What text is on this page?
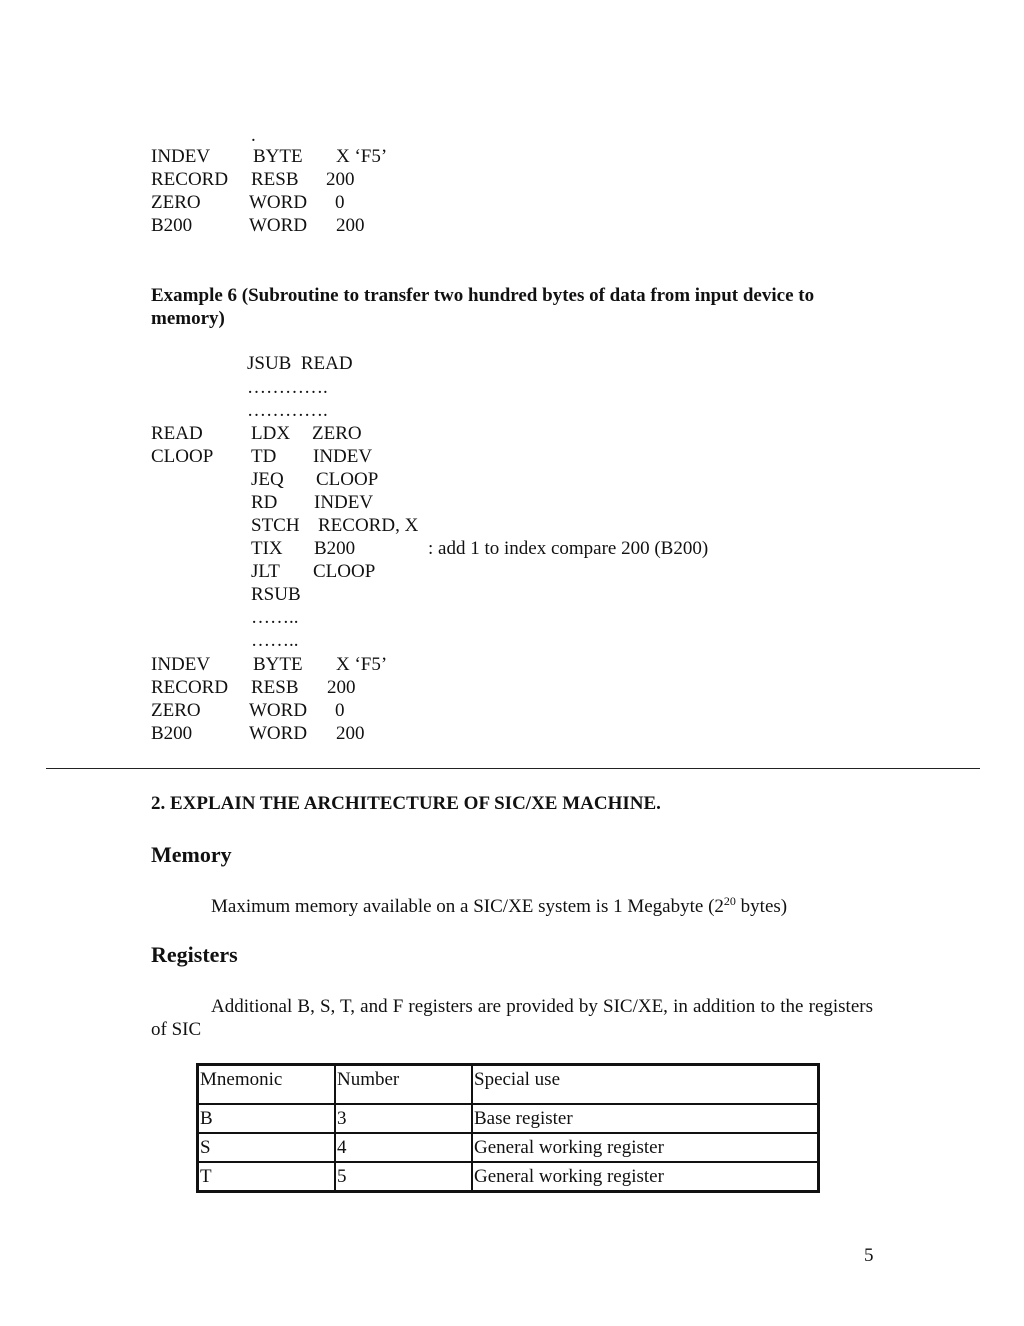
.
INDEV BYTE X ‘F5’
RECORD RESB 200
ZERO	WORD 0
B200	WORD 200
Example 6 (Subroutine to transfer two hundred bytes of data from input device to
memory)
JSUB  READ
………….
………….
READ	LDX ZERO
CLOOP TD INDEV
JEQ CLOOP
RD INDEV
STCH RECORD, X
TIX B200	: add 1 to index compare 200 (B200)
JLT CLOOP
RSUB
……..
……..
INDEV BYTE X ‘F5’
RECORD RESB 200
ZERO	WORD 0
B200	WORD 200
2. EXPLAIN THE ARCHITECTURE OF SIC/XE MACHINE.
Memory
Maximum memory available on a SIC/XE system is 1 Megabyte ($2^{20}$ bytes)
Registers
Additional B, S, T, and F registers are provided by SIC/XE, in addition to the registers of SIC
Mnemonic	Number	Special use
B	3	Base register
S	4	General working register
T	5	General working register
5
